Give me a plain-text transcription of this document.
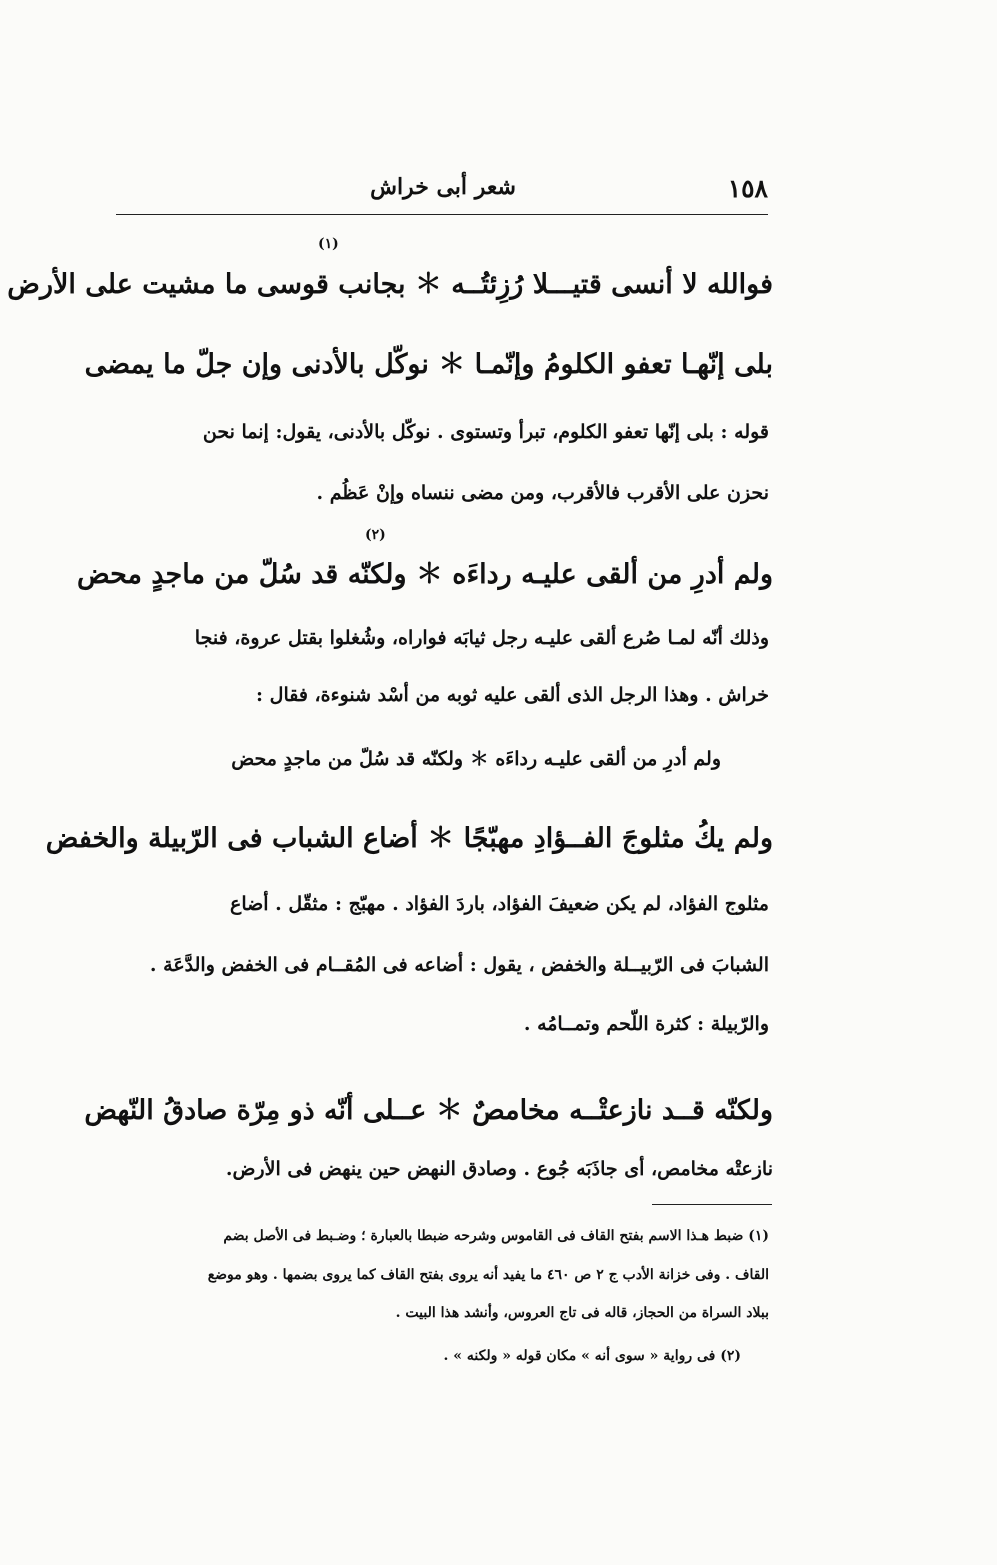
١٥٨
شعر أبى خراش
(١)
فوالله لا أنسى قتيـــلا رُزِئتُــه ＊ بجانب قوسى ما مشيت على الأرض
بلى إنّهـا تعفو الكلومُ وإنّمـا ＊ نوكّل بالأدنى وإن جلّ ما يمضى
قوله : بلى إنّها تعفو الكلوم، تبرأ وتستوى . نوكّل بالأدنى، يقول: إنما نحن
نحزن على الأقرب فالأقرب، ومن مضى ننساه وإنْ عَظُم .
(٢)
ولم أدرِ من ألقى عليـه رداءَه ＊ ولكنّه قد سُلّ من ماجدٍ محض
وذلك أنّه لمـا صُرع ألقى عليـه رجل ثيابَه فواراه، وشُغلوا بقتل عروة، فنجا
خراش . وهذا الرجل الذى ألقى عليه ثوبه من أسْد شنوءة، فقال :
ولم أدرِ من ألقى عليـه رداءَه ＊ ولكنّه قد سُلّ من ماجدٍ محض
ولم يكُ مثلوجَ الفــؤادِ مهبّجًا ＊ أضاع الشباب فى الرّبيلة والخفض
مثلوج الفؤاد، لم يكن ضعيفَ الفؤاد، باردَ الفؤاد . مهبّج : مثقّل . أضاع
الشبابَ فى الرّبيــلة والخفض ، يقول : أضاعه فى المُقــام فى الخفض والدَّعَة .
والرّبيلة : كثرة اللّحم وتمــامُه .
ولكنّه قــد نازعتْــه مخامصٌ ＊ عــلى أنّه ذو مِرّة صادقُ النّهض
نازعتْه مخامص، أى جاذَبَه جُوع . وصادق النهض حين ينهض فى الأرض.
(١) ضبط هـذا الاسم بفتح القاف فى القاموس وشرحه ضبطا بالعبارة ؛ وضـبط فى الأصل بضم
القاف . وفى خزانة الأدب ج ٢ ص ٤٦٠ ما يفيد أنه يروى بفتح القاف كما يروى بضمها . وهو موضع
ببلاد السراة من الحجاز، قاله فى تاج العروس، وأنشد هذا البيت .
(٢) فى رواية « سوى أنه » مكان قوله « ولكنه » .
